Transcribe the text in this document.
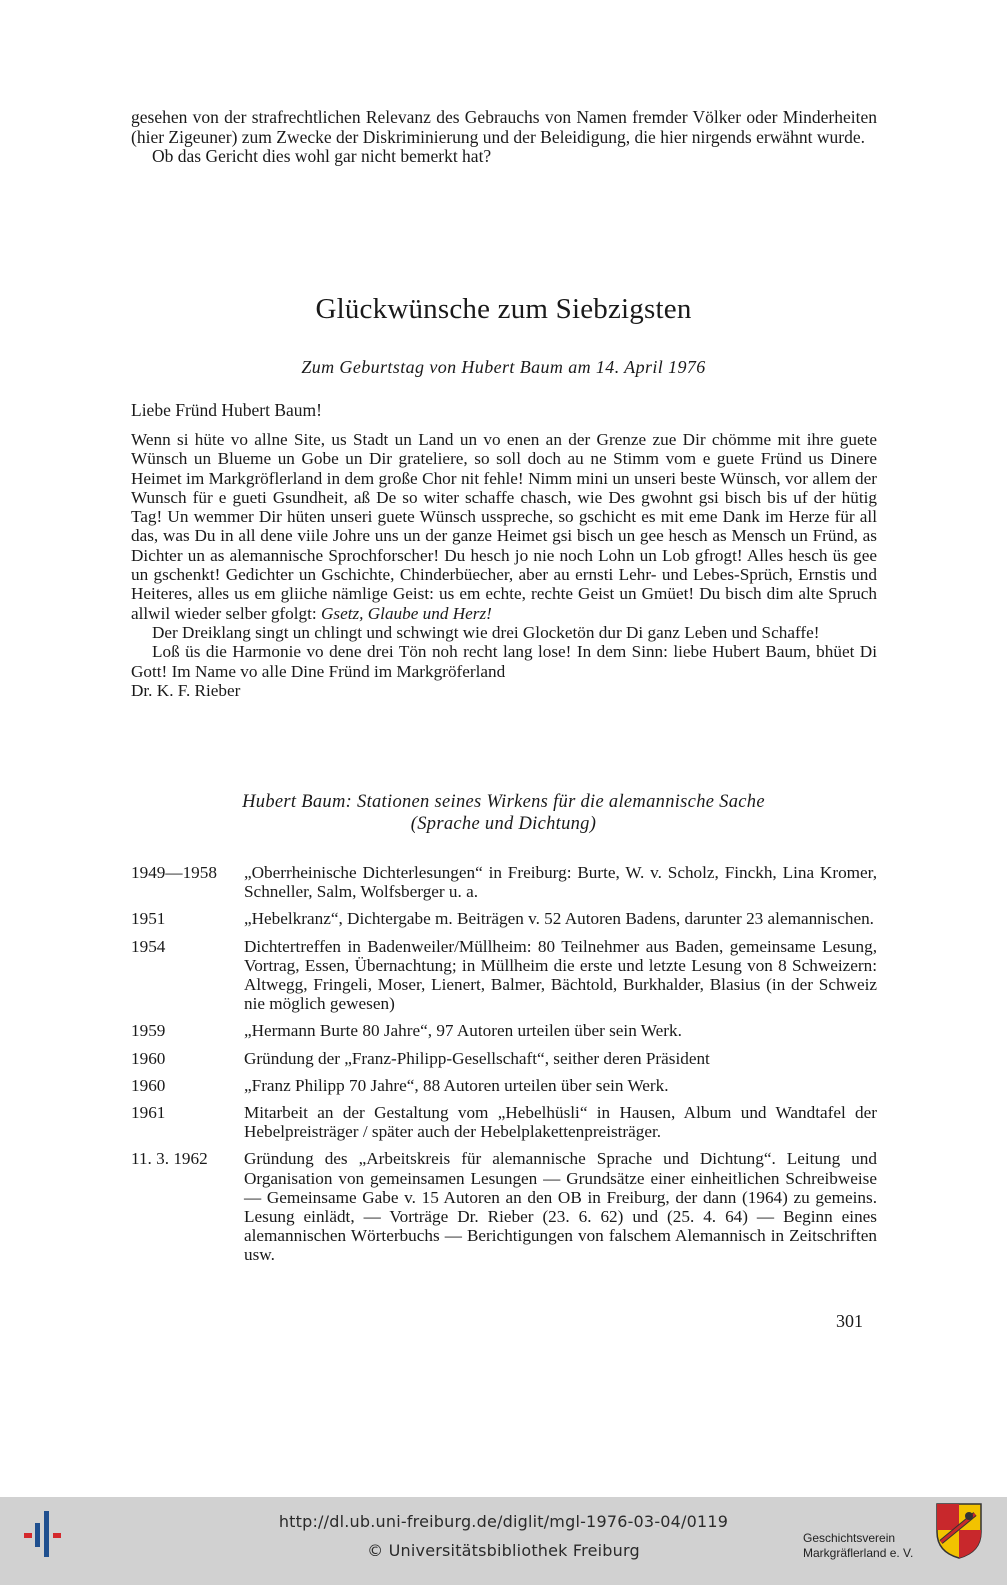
gesehen von der strafrechtlichen Relevanz des Gebrauchs von Namen fremder Völker oder Minderheiten (hier Zigeuner) zum Zwecke der Diskriminierung und der Beleidigung, die hier nirgends erwähnt wurde.

Ob das Gericht dies wohl gar nicht bemerkt hat?

Glückwünsche zum Siebzigsten
Zum Geburtstag von Hubert Baum am 14. April 1976
Liebe Fründ Hubert Baum!

Wenn si hüte vo allne Site, us Stadt un Land un vo enen an der Grenze zue Dir chömme mit ihre guete Wünsch un Blueme un Gobe un Dir grateliere, so soll doch au ne Stimm vom e guete Fründ us Dinere Heimet im Markgröflerland in dem große Chor nit fehle! Nimm mini un unseri beste Wünsch, vor allem der Wunsch für e gueti Gsundheit, aß De so witer schaffe chasch, wie Des gwohnt gsi bisch bis uf der hütig Tag! Un wemmer Dir hüten unseri guete Wünsch usspreche, so gschicht es mit eme Dank im Herze für all das, was Du in all dene viile Johre uns un der ganze Heimet gsi bisch un gee hesch as Mensch un Fründ, as Dichter un as alemannische Sprochforscher! Du hesch jo nie noch Lohn un Lob gfrogt! Alles hesch üs gee un gschenkt! Gedichter un Gschichte, Chinderbüecher, aber au ernsti Lehr- und Lebes-Sprüch, Ernstis und Heiteres, alles us em gliiche nämlige Geist: us em echte, rechte Geist un Gmüet! Du bisch dim alte Spruch allwil wieder selber gfolgt: Gsetz, Glaube und Herz!

Der Dreiklang singt un chlingt und schwingt wie drei Glocketön dur Di ganz Leben und Schaffe!

Loß üs die Harmonie vo dene drei Tön noh recht lang lose! In dem Sinn: liebe Hubert Baum, bhüet Di Gott! Im Name vo alle Dine Fründ im Markgröferland

Dr. K. F. Rieber

Hubert Baum: Stationen seines Wirkens für die alemannische Sache
(Sprache und Dichtung)
1949—1958	„Oberrheinische Dichterlesungen“ in Freiburg: Burte, W. v. Scholz, Finckh, Lina Kromer, Schneller, Salm, Wolfsberger u. a.
1951	„Hebelkranz“, Dichtergabe m. Beiträgen v. 52 Autoren Badens, darunter 23 alemannischen.
1954	Dichtertreffen in Badenweiler/Müllheim: 80 Teilnehmer aus Baden, gemeinsame Lesung, Vortrag, Essen, Übernachtung; in Müllheim die erste und letzte Lesung von 8 Schweizern: Altwegg, Fringeli, Moser, Lienert, Balmer, Bächtold, Burkhalder, Blasius (in der Schweiz nie möglich gewesen)
1959	„Hermann Burte 80 Jahre“, 97 Autoren urteilen über sein Werk.
1960	Gründung der „Franz-Philipp-Gesellschaft“, seither deren Präsident
1960	„Franz Philipp 70 Jahre“, 88 Autoren urteilen über sein Werk.
1961	Mitarbeit an der Gestaltung vom „Hebelhüsli“ in Hausen, Album und Wandtafel der Hebelpreisträger / später auch der Hebelplakettenpreisträger.
11. 3. 1962	Gründung des „Arbeitskreis für alemannische Sprache und Dichtung“. Leitung und Organisation von gemeinsamen Lesungen — Grundsätze einer einheitlichen Schreibweise — Gemeinsame Gabe v. 15 Autoren an den OB in Freiburg, der dann (1964) zu gemeins. Lesung einlädt, — Vorträge Dr. Rieber (23. 6. 62) und (25. 4. 64) — Beginn eines alemannischen Wörterbuchs — Berichtigungen von falschem Alemannisch in Zeitschriften usw.
301
http://dl.ub.uni-freiburg.de/diglit/mgl-1976-03-04/0119
© Universitätsbibliothek Freiburg
Geschichtsverein
Markgräflerland e. V.
